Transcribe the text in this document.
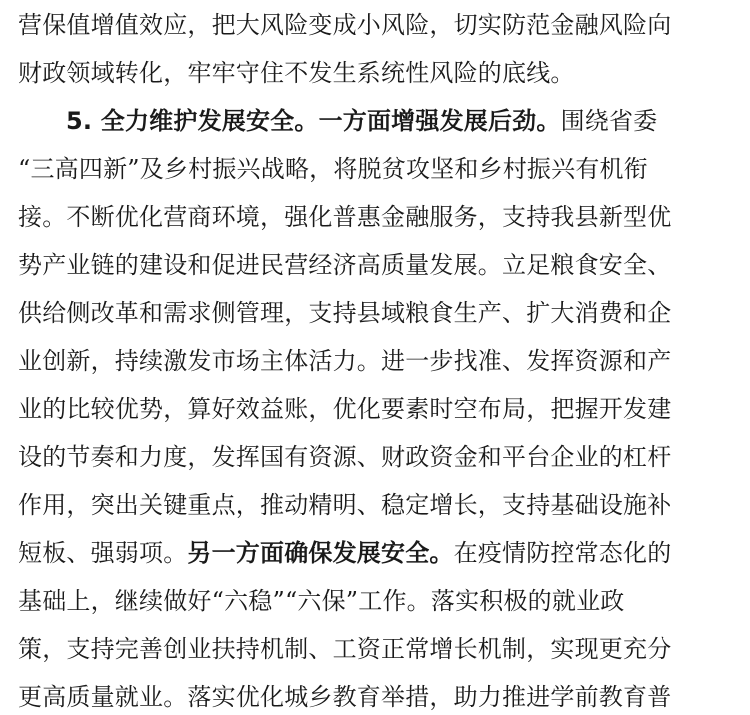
营保值增值效应，把大风险变成小风险，切实防范金融风险向
财政领域转化，牢牢守住不发生系统性风险的底线。
5. 全力维护发展安全。一方面增强发展后劲。围绕省委
“三高四新”及乡村振兴战略，将脱贫攻坚和乡村振兴有机衔
接。不断优化营商环境，强化普惠金融服务，支持我县新型优
势产业链的建设和促进民营经济高质量发展。立足粮食安全、
供给侧改革和需求侧管理，支持县域粮食生产、扩大消费和企
业创新，持续激发市场主体活力。进一步找准、发挥资源和产
业的比较优势，算好效益账，优化要素时空布局，把握开发建
设的节奏和力度，发挥国有资源、财政资金和平台企业的杠杆
作用，突出关键重点，推动精明、稳定增长，支持基础设施补
短板、强弱项。另一方面确保发展安全。在疫情防控常态化的
基础上，继续做好“六稳”“六保”工作。落实积极的就业政
策，支持完善创业扶持机制、工资正常增长机制，实现更充分
更高质量就业。落实优化城乡教育举措，助力推进学前教育普
